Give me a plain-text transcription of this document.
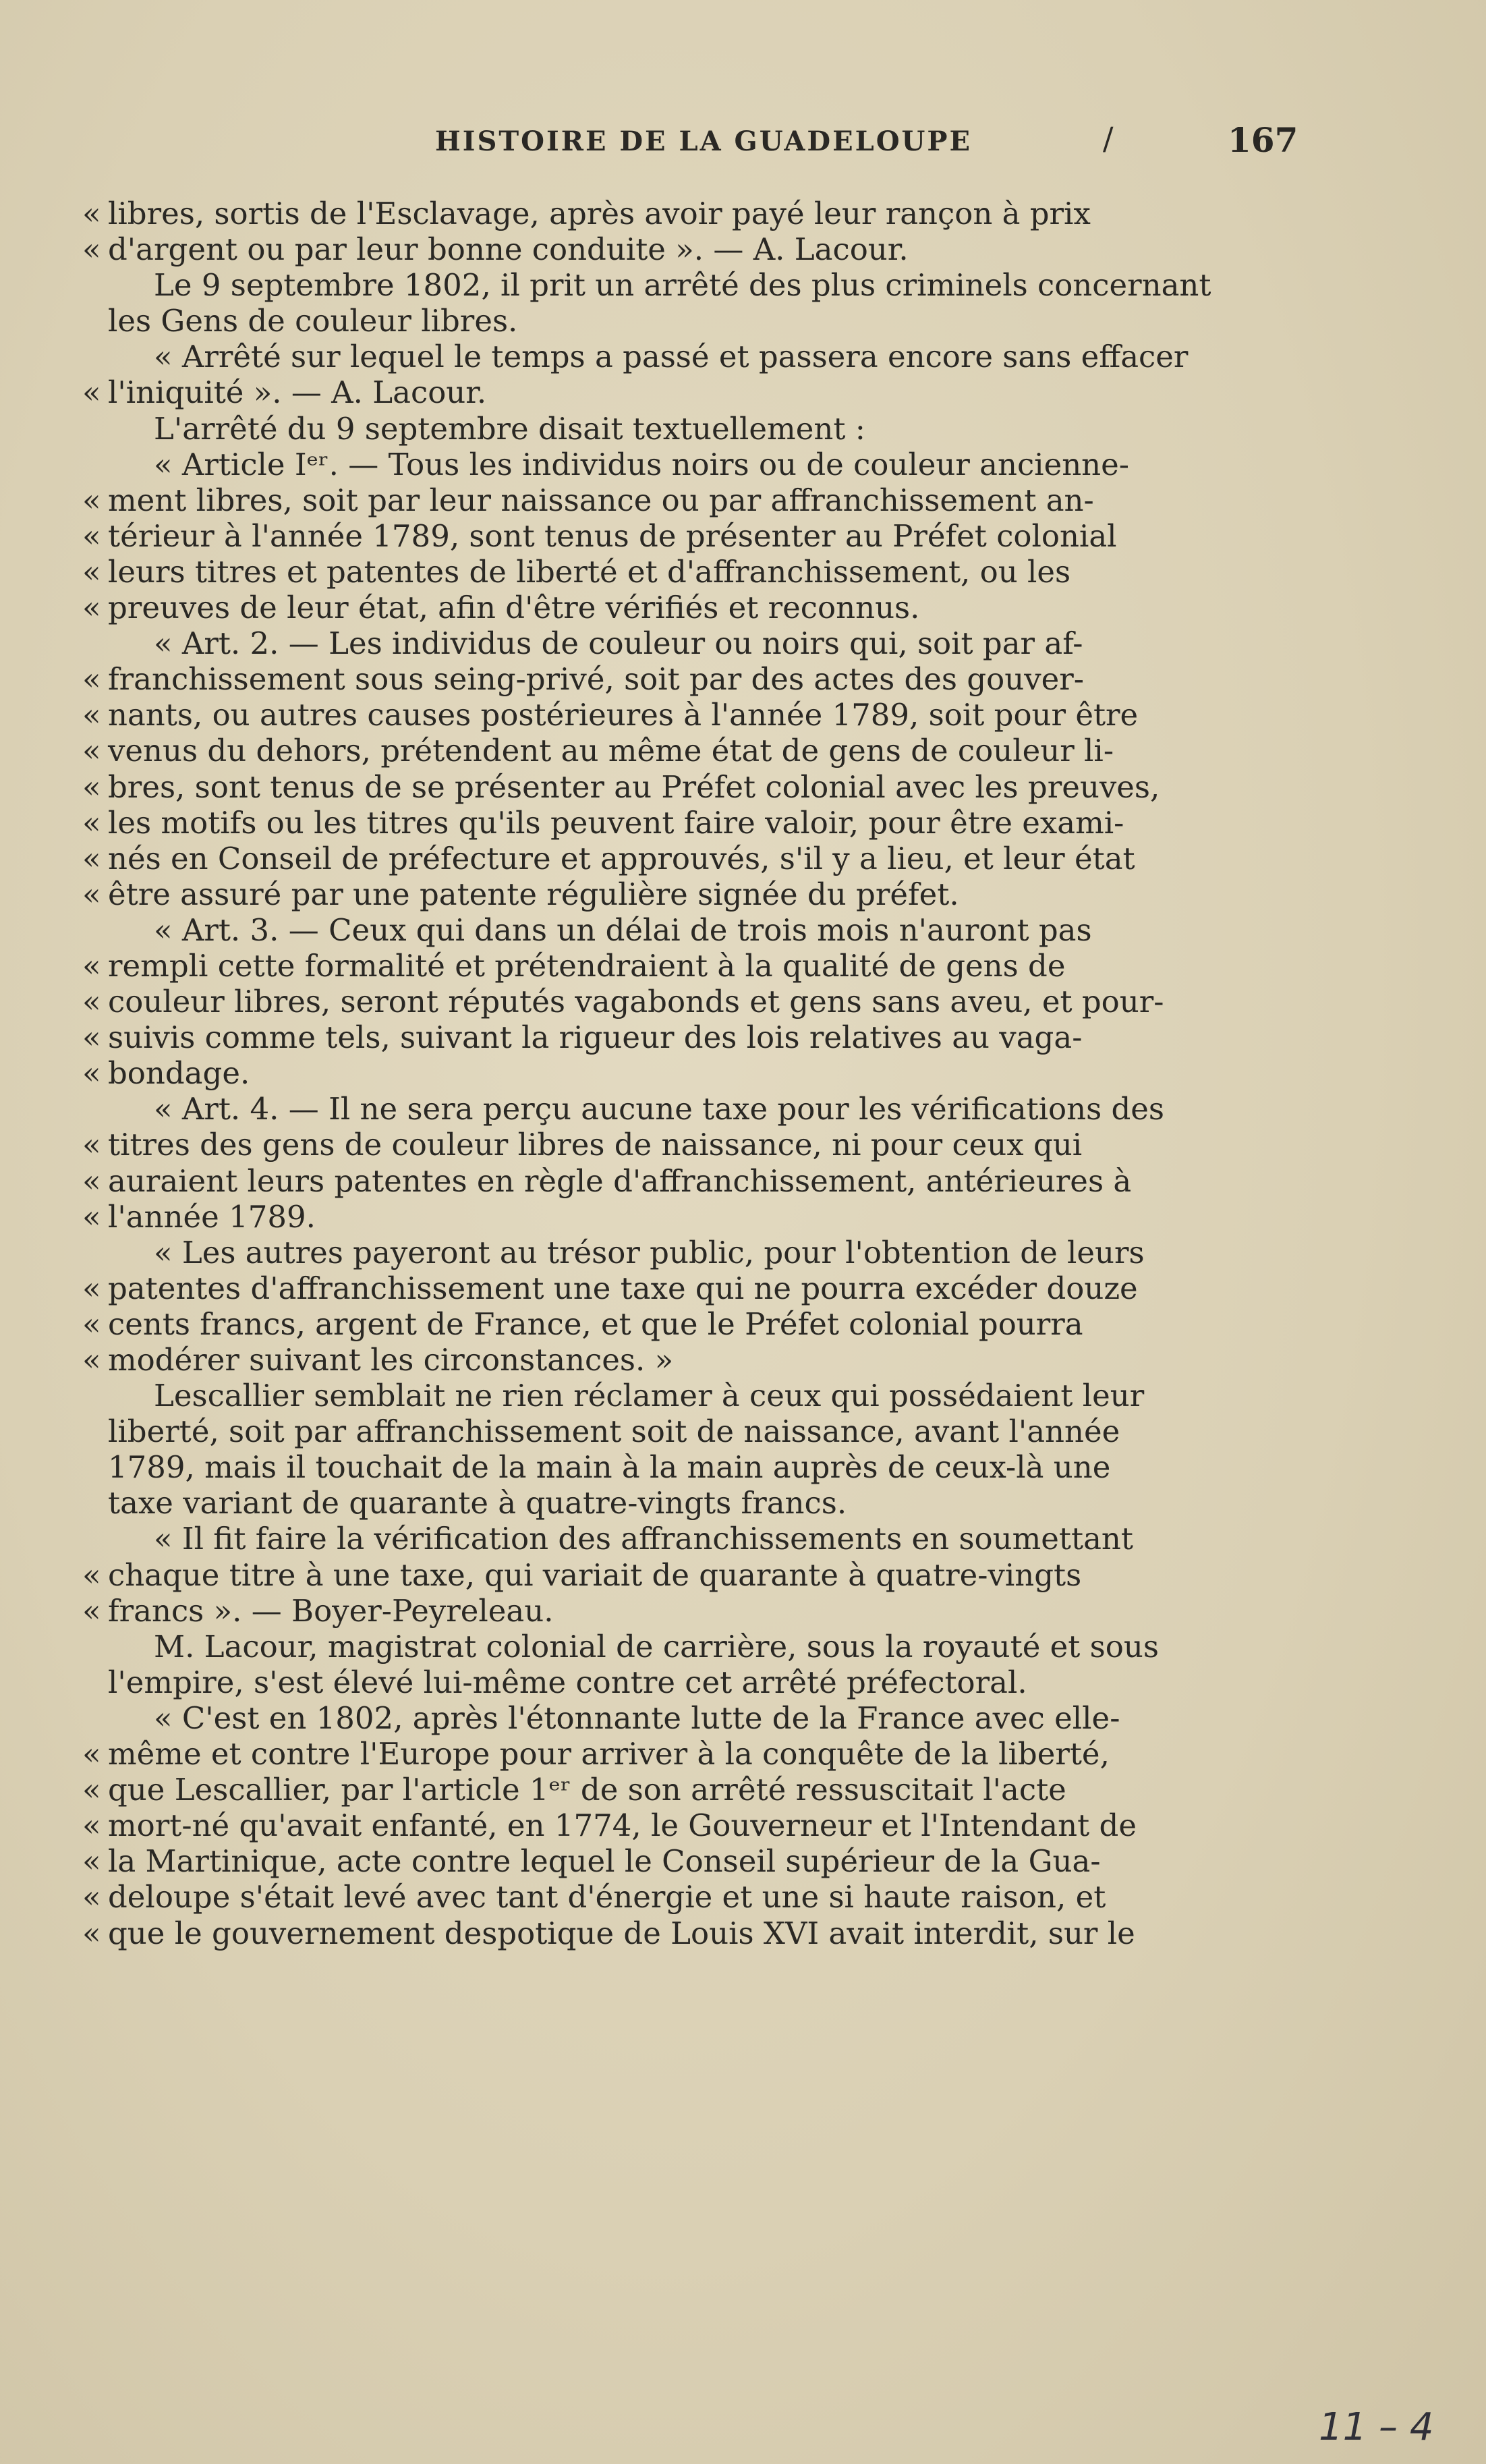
HISTOIRE DE LA GUADELOUPE	/	167
« libres, sortis de l'Esclavage, après avoir payé leur rançon à prix
« d'argent ou par leur bonne conduite ». — A. Lacour.
Le 9 septembre 1802, il prit un arrêté des plus criminels concernant
les Gens de couleur libres.
« Arrêté sur lequel le temps a passé et passera encore sans effacer
« l'iniquité ». — A. Lacour.
L'arrêté du 9 septembre disait textuellement :
« Article Iᵉʳ. — Tous les individus noirs ou de couleur ancienne-
« ment libres, soit par leur naissance ou par affranchissement an-
« térieur à l'année 1789, sont tenus de présenter au Préfet colonial
« leurs titres et patentes de liberté et d'affranchissement, ou les
« preuves de leur état, afin d'être vérifiés et reconnus.
« Art. 2. — Les individus de couleur ou noirs qui, soit par af-
« franchissement sous seing-privé, soit par des actes des gouver-
« nants, ou autres causes postérieures à l'année 1789, soit pour être
« venus du dehors, prétendent au même état de gens de couleur li-
« bres, sont tenus de se présenter au Préfet colonial avec les preuves,
« les motifs ou les titres qu'ils peuvent faire valoir, pour être exami-
« nés en Conseil de préfecture et approuvés, s'il y a lieu, et leur état
« être assuré par une patente régulière signée du préfet.
« Art. 3. — Ceux qui dans un délai de trois mois n'auront pas
« rempli cette formalité et prétendraient à la qualité de gens de
« couleur libres, seront réputés vagabonds et gens sans aveu, et pour-
« suivis comme tels, suivant la rigueur des lois relatives au vaga-
« bondage.
« Art. 4. — Il ne sera perçu aucune taxe pour les vérifications des
« titres des gens de couleur libres de naissance, ni pour ceux qui
« auraient leurs patentes en règle d'affranchissement, antérieures à
« l'année 1789.
« Les autres payeront au trésor public, pour l'obtention de leurs
« patentes d'affranchissement une taxe qui ne pourra excéder douze
« cents francs, argent de France, et que le Préfet colonial pourra
« modérer suivant les circonstances. »
Lescallier semblait ne rien réclamer à ceux qui possédaient leur
liberté, soit par affranchissement soit de naissance, avant l'année
1789, mais il touchait de la main à la main auprès de ceux-là une
taxe variant de quarante à quatre-vingts francs.
« Il fit faire la vérification des affranchissements en soumettant
« chaque titre à une taxe, qui variait de quarante à quatre-vingts
« francs ». — Boyer-Peyreleau.
M. Lacour, magistrat colonial de carrière, sous la royauté et sous
l'empire, s'est élevé lui-même contre cet arrêté préfectoral.
« C'est en 1802, après l'étonnante lutte de la France avec elle-
« même et contre l'Europe pour arriver à la conquête de la liberté,
« que Lescallier, par l'article 1ᵉʳ de son arrêté ressuscitait l'acte
« mort-né qu'avait enfanté, en 1774, le Gouverneur et l'Intendant de
« la Martinique, acte contre lequel le Conseil supérieur de la Gua-
« deloupe s'était levé avec tant d'énergie et une si haute raison, et
« que le gouvernement despotique de Louis XVI avait interdit, sur le
11 – 4
